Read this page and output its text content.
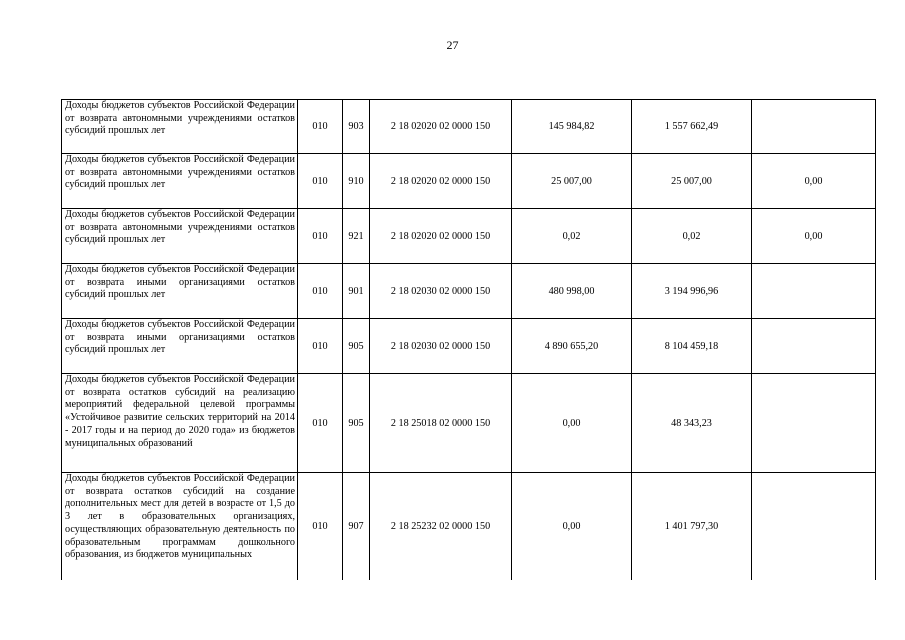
27
Доходы бюджетов субъектов Российской Федерации от возврата автономными учреждениями остатков субсидий прошлых лет	010	903	2 18 02020 02 0000 150	145 984,82	1 557 662,49	
Доходы бюджетов субъектов Российской Федерации от возврата автономными учреждениями остатков субсидий прошлых лет	010	910	2 18 02020 02 0000 150	25 007,00	25 007,00	0,00
Доходы бюджетов субъектов Российской Федерации от возврата автономными учреждениями остатков субсидий прошлых лет	010	921	2 18 02020 02 0000 150	0,02	0,02	0,00
Доходы бюджетов субъектов Российской Федерации от возврата иными организациями остатков субсидий прошлых лет	010	901	2 18 02030 02 0000 150	480 998,00	3 194 996,96	
Доходы бюджетов субъектов Российской Федерации от возврата иными организациями остатков субсидий прошлых лет	010	905	2 18 02030 02 0000 150	4 890 655,20	8 104 459,18	
Доходы бюджетов субъектов Российской Федерации от возврата остатков субсидий на реализацию мероприятий федеральной целевой программы «Устойчивое развитие сельских территорий на 2014 - 2017 годы и на период до 2020 года» из бюджетов муниципальных образований	010	905	2 18 25018 02 0000 150	0,00	48 343,23	
Доходы бюджетов субъектов Российской Федерации от возврата остатков субсидий на создание дополнительных мест для детей в возрасте от 1,5 до 3 лет в образовательных организациях, осуществляющих образовательную деятельность по образовательным программам дошкольного образования, из бюджетов муниципальных	010	907	2 18 25232 02 0000 150	0,00	1 401 797,30	
